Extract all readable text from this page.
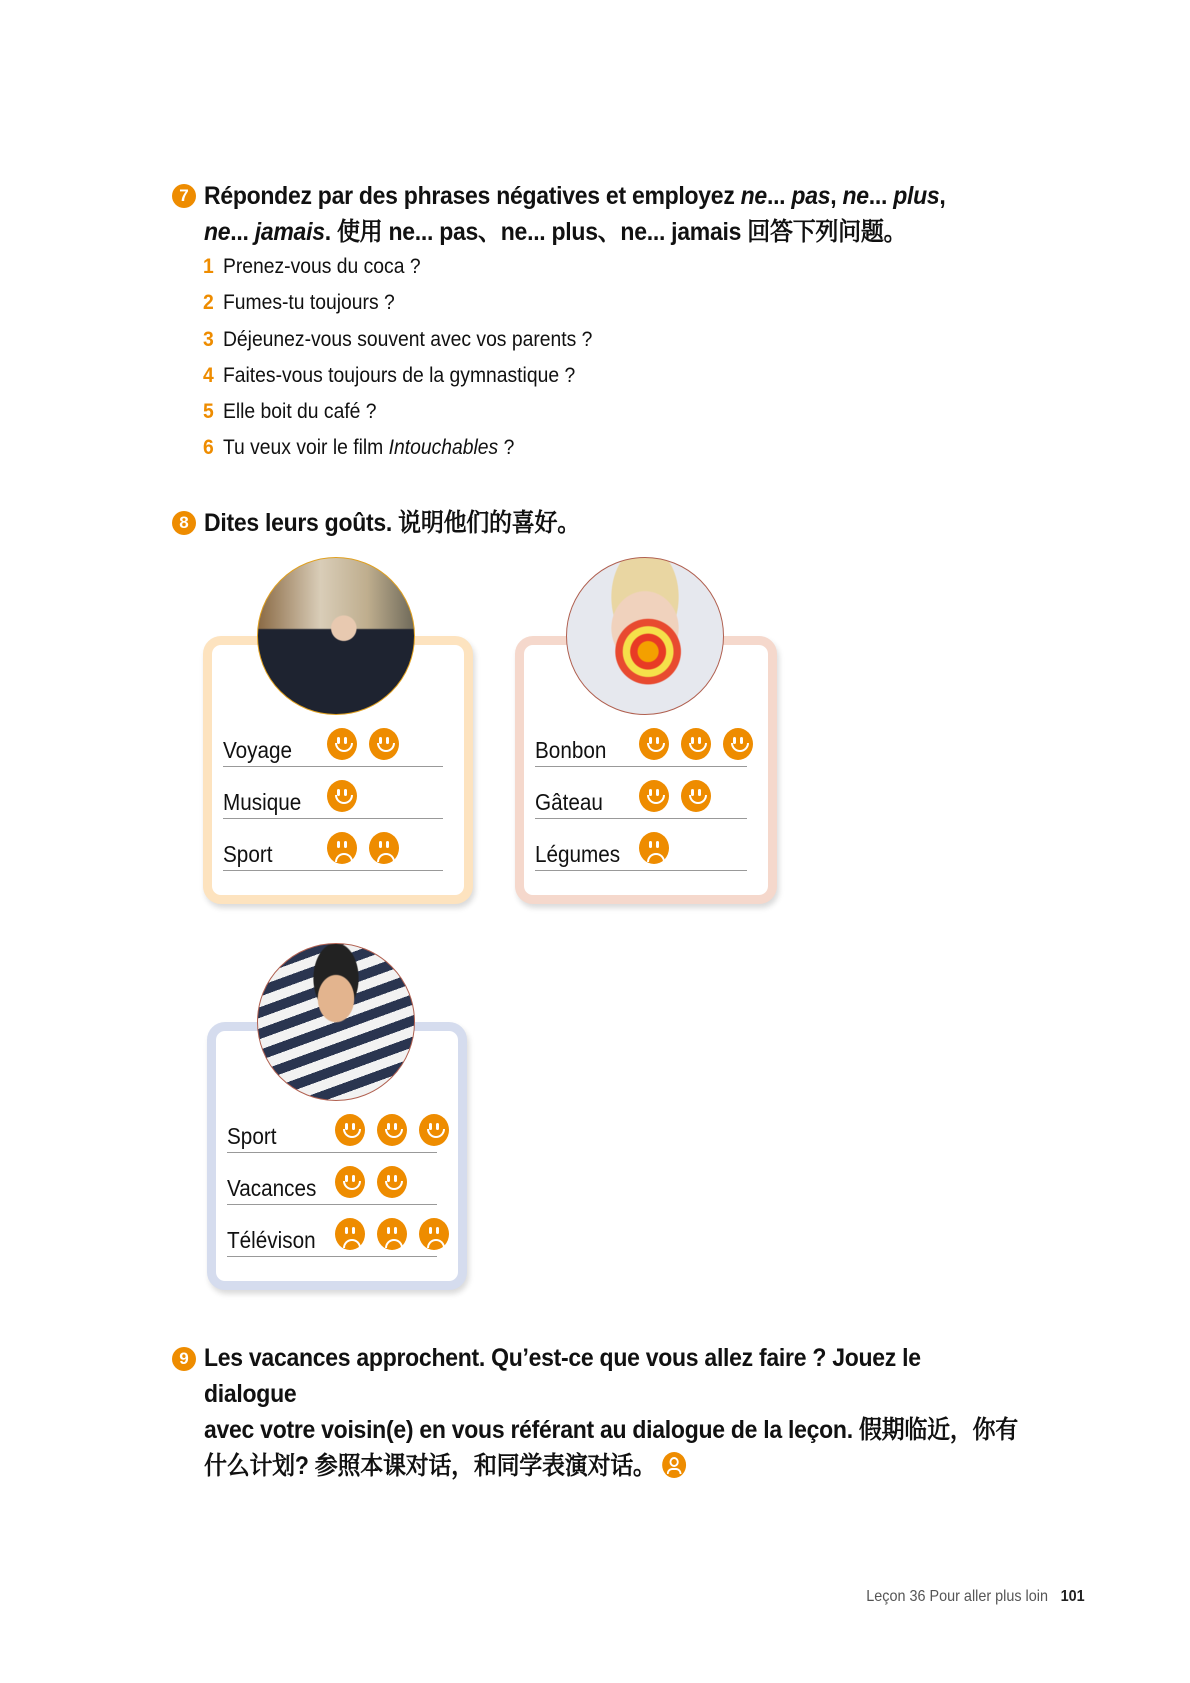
7 Répondez par des phrases négatives et employez ne... pas, ne... plus,
ne... jamais. 使用 ne... pas、ne... plus、ne... jamais 回答下列问题。
1 Prenez-vous du coca ?
2 Fumes-tu toujours ?
3 Déjeunez-vous souvent avec vos parents ?
4 Faites-vous toujours de la gymnastique ?
5 Elle boit du café ?
6 Tu veux voir le film Intouchables ?
8 Dites leurs goûts. 说明他们的喜好。
Voyage
Musique
Sport
Bonbon
Gâteau
Légumes
Sport
Vacances
Télévison
9 Les vacances approchent. Qu’est-ce que vous allez faire ? Jouez le dialogue
avec votre voisin(e) en vous référant au dialogue de la leçon. 假期临近，你有
什么计划? 参照本课对话，和同学表演对话。
Leçon 36 Pour aller plus loin 101
